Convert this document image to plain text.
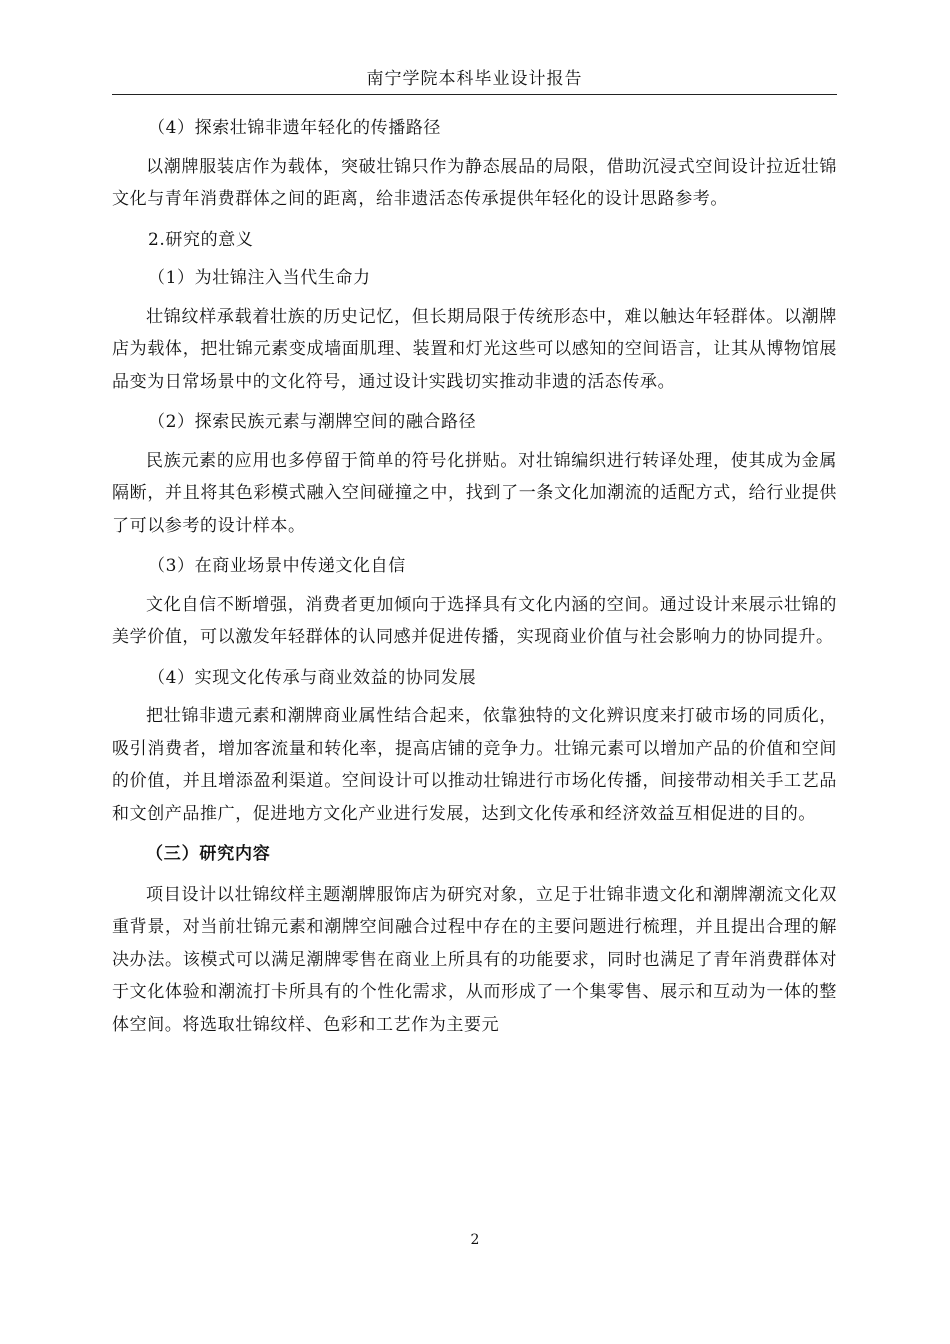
南宁学院本科毕业设计报告
（4）探索壮锦非遗年轻化的传播路径

以潮牌服装店作为载体，突破壮锦只作为静态展品的局限，借助沉浸式空间设计拉近壮锦文化与青年消费群体之间的距离，给非遗活态传承提供年轻化的设计思路参考。

2.研究的意义
（1）为壮锦注入当代生命力

壮锦纹样承载着壮族的历史记忆，但长期局限于传统形态中，难以触达年轻群体。以潮牌店为载体，把壮锦元素变成墙面肌理、装置和灯光这些可以感知的空间语言，让其从博物馆展品变为日常场景中的文化符号，通过设计实践切实推动非遗的活态传承。

（2）探索民族元素与潮牌空间的融合路径

民族元素的应用也多停留于简单的符号化拼贴。对壮锦编织进行转译处理，使其成为金属隔断，并且将其色彩模式融入空间碰撞之中，找到了一条文化加潮流的适配方式，给行业提供了可以参考的设计样本。

（3）在商业场景中传递文化自信

文化自信不断增强，消费者更加倾向于选择具有文化内涵的空间。通过设计来展示壮锦的美学价值，可以激发年轻群体的认同感并促进传播，实现商业价值与社会影响力的协同提升。

（4）实现文化传承与商业效益的协同发展

把壮锦非遗元素和潮牌商业属性结合起来，依靠独特的文化辨识度来打破市场的同质化，吸引消费者，增加客流量和转化率，提高店铺的竞争力。壮锦元素可以增加产品的价值和空间的价值，并且增添盈利渠道。空间设计可以推动壮锦进行市场化传播，间接带动相关手工艺品和文创产品推广，促进地方文化产业进行发展，达到文化传承和经济效益互相促进的目的。

（三）研究内容

项目设计以壮锦纹样主题潮牌服饰店为研究对象，立足于壮锦非遗文化和潮牌潮流文化双重背景，对当前壮锦元素和潮牌空间融合过程中存在的主要问题进行梳理，并且提出合理的解决办法。该模式可以满足潮牌零售在商业上所具有的功能要求，同时也满足了青年消费群体对于文化体验和潮流打卡所具有的个性化需求，从而形成了一个集零售、展示和互动为一体的整体空间。将选取壮锦纹样、色彩和工艺作为主要元

2
